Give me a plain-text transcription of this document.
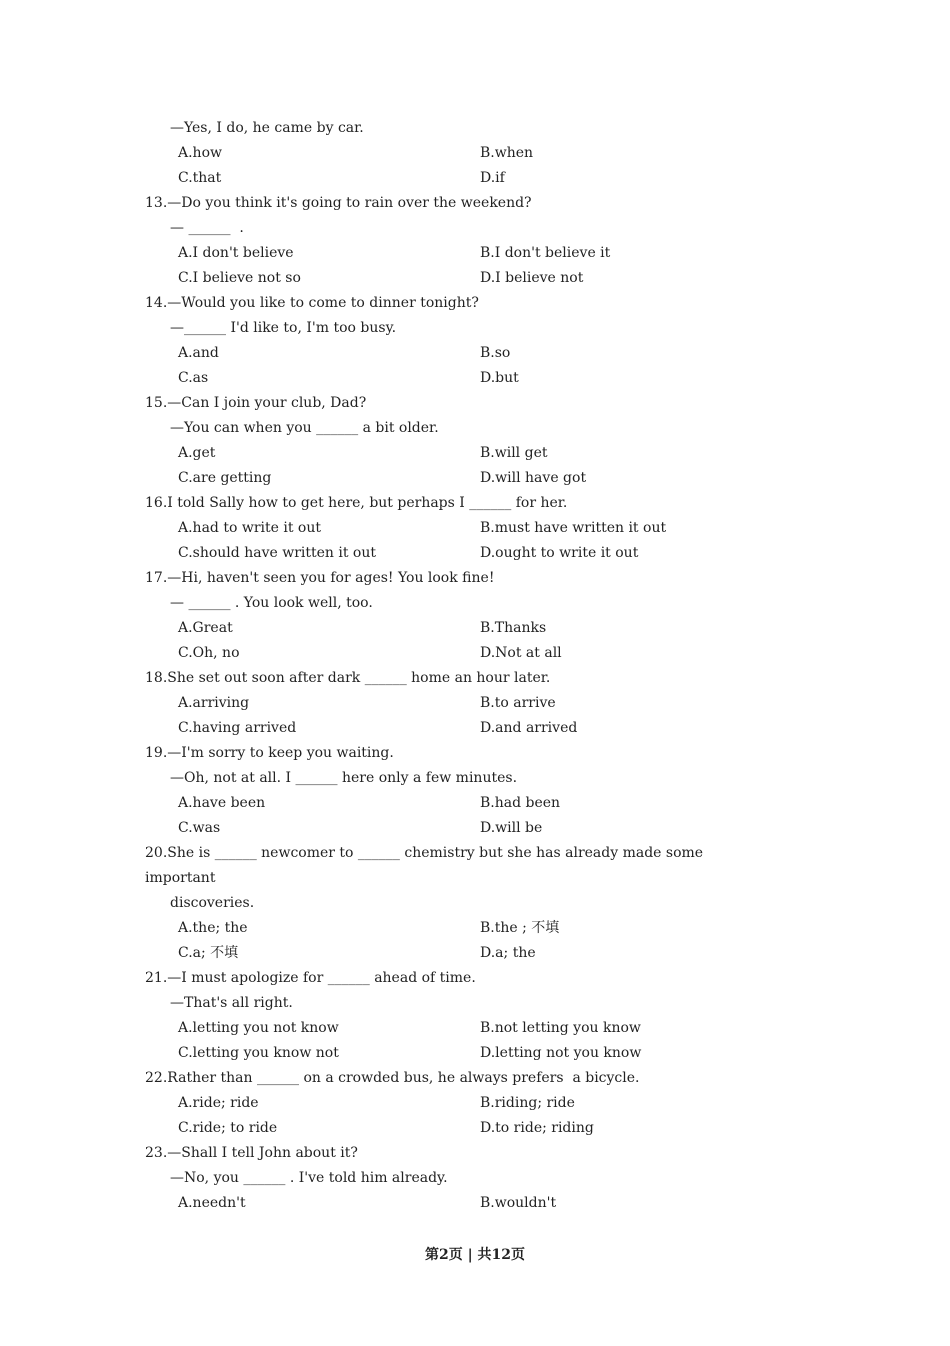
—Yes, I do, he came by car.
A.how	B.when
C.that	D.if
13.—Do you think it's going to rain over the weekend?
— ______  .
A.I don't believe	B.I don't believe it
C.I believe not so	D.I believe not
14.—Would you like to come to dinner tonight?
—______ I'd like to, I'm too busy.
A.and	B.so
C.as	D.but
15.—Can I join your club, Dad?
—You can when you ______ a bit older.
A.get	B.will get
C.are getting	D.will have got
16.I told Sally how to get here, but perhaps I ______ for her.
A.had to write it out	B.must have written it out
C.should have written it out	D.ought to write it out
17.—Hi, haven't seen you for ages! You look fine!
— ______ . You look well, too.
A.Great	B.Thanks
C.Oh, no	D.Not at all
18.She set out soon after dark ______ home an hour later.
A.arriving	B.to arrive
C.having arrived	D.and arrived
19.—I'm sorry to keep you waiting.
—Oh, not at all. I ______ here only a few minutes.
A.have been	B.had been
C.was	D.will be
20.She is ______ newcomer to ______ chemistry but she has already made some
important
discoveries.
A.the; the	B.the ; 不填
C.a; 不填	D.a; the
21.—I must apologize for ______ ahead of time.
—That's all right.
A.letting you not know	B.not letting you know
C.letting you know not	D.letting not you know
22.Rather than ______ on a crowded bus, he always prefers  a bicycle.
A.ride; ride	B.riding; ride
C.ride; to ride	D.to ride; riding
23.—Shall I tell John about it?
—No, you ______ . I've told him already.
A.needn't	B.wouldn't
第2页 | 共12页
